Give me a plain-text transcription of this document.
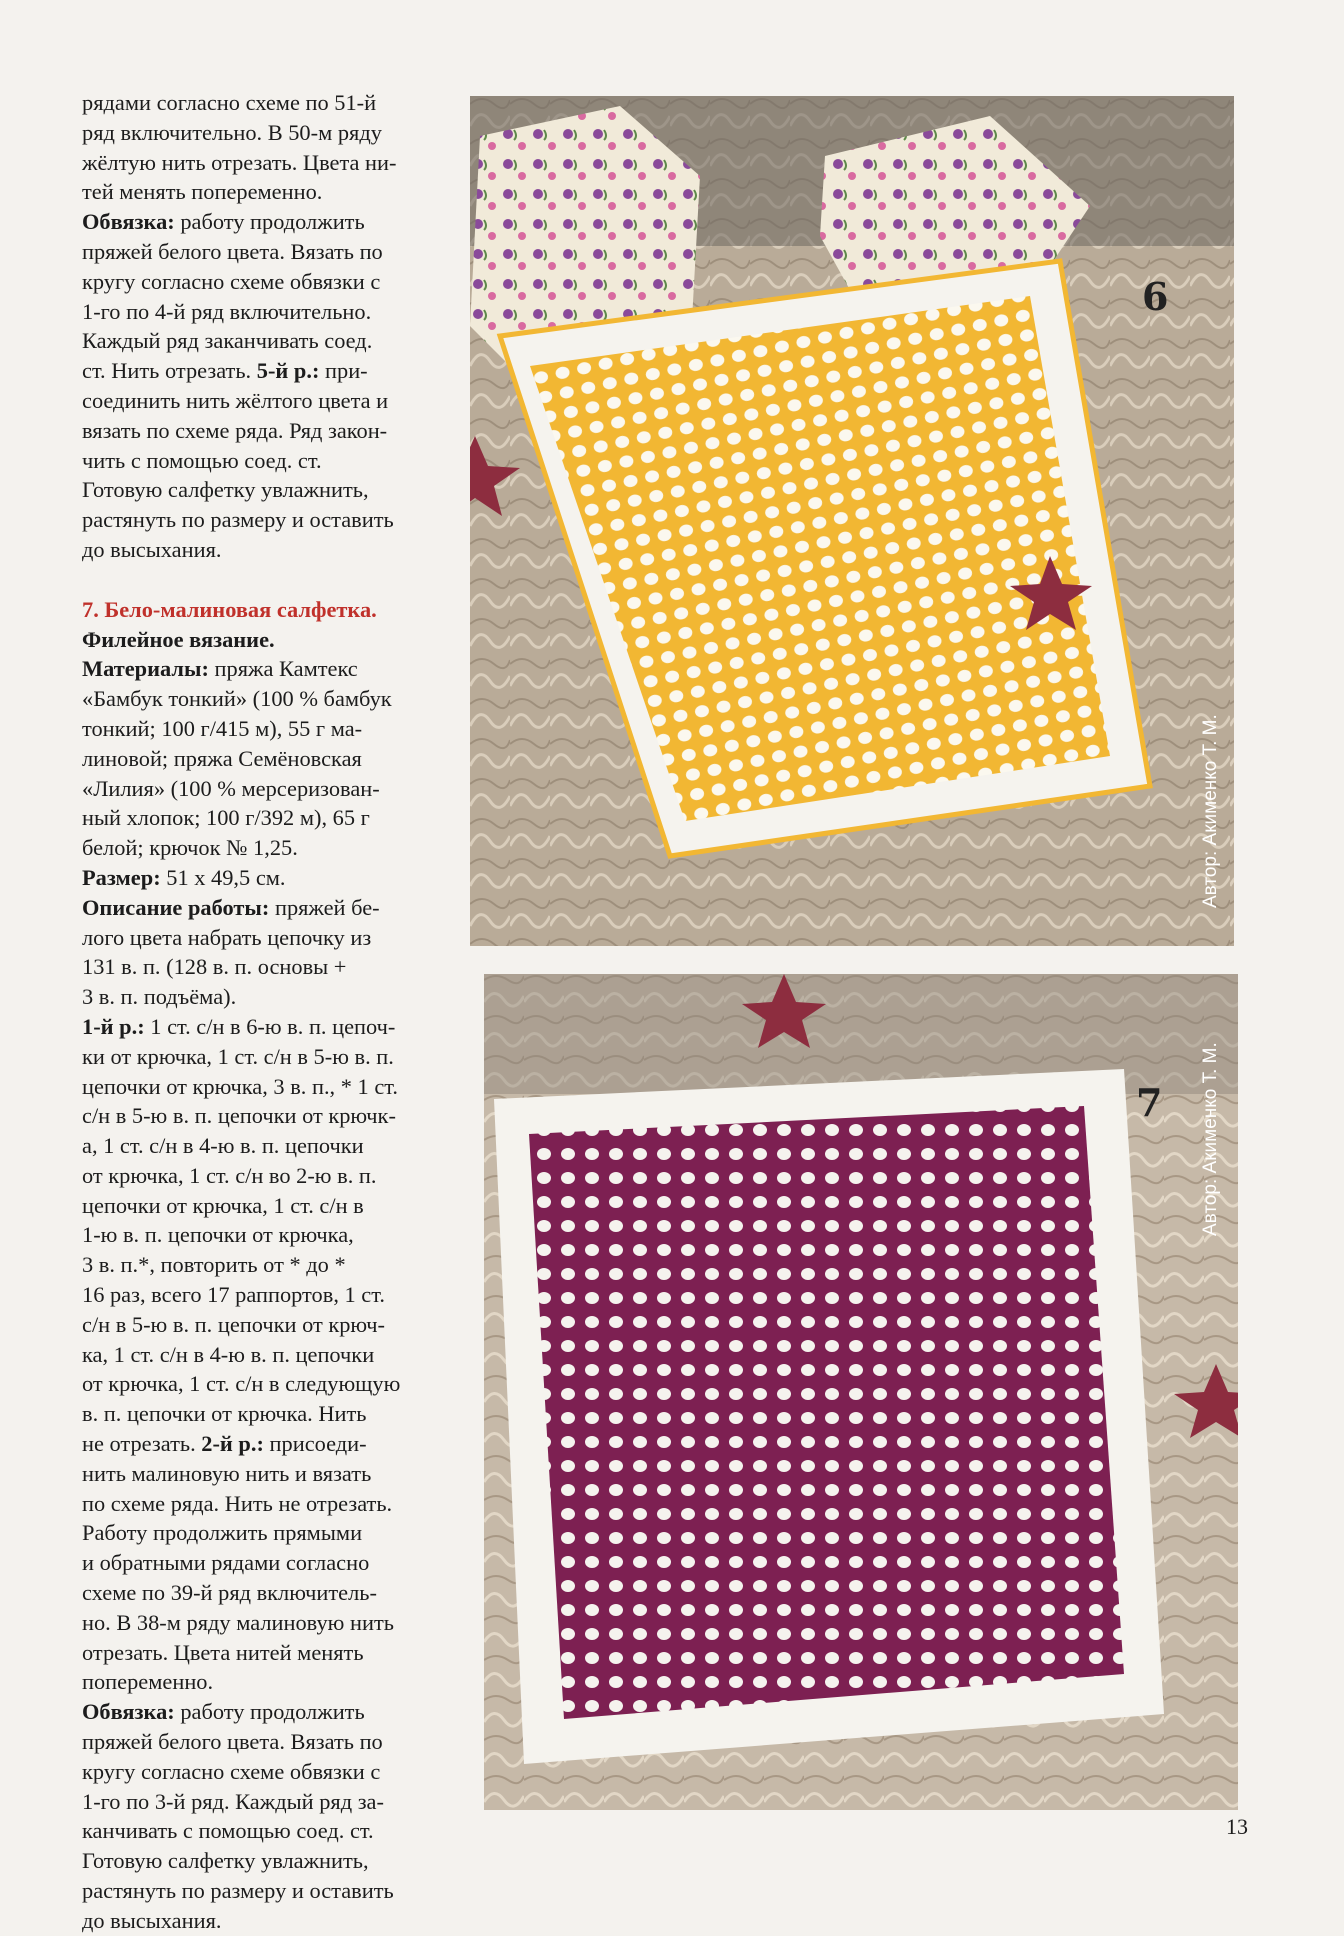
рядами согласно схеме по 51-й

ряд включительно. В 50-м ряду

жёлтую нить отрезать. Цвета ни-

тей менять попеременно.

Обвязка: работу продолжить

пряжей белого цвета. Вязать по

кругу согласно схеме обвязки с

1-го по 4-й ряд включительно.

Каждый ряд заканчивать соед.

ст. Нить отрезать. 5-й р.: при-

соединить нить жёлтого цвета и

вязать по схеме ряда. Ряд закон-

чить с помощью соед. ст.

Готовую салфетку увлажнить,

растянуть по размеру и оставить

до высыхания.

7. Бело-малиновая салфетка.

Филейное вязание.

Материалы: пряжа Камтекс

«Бамбук тонкий» (100 % бамбук

тонкий; 100 г/415 м), 55 г ма-

линовой; пряжа Семёновская

«Лилия» (100 % мерсеризован-

ный хлопок; 100 г/392 м), 65 г

белой; крючок № 1,25.

Размер: 51 х 49,5 см.

Описание работы: пряжей бе-

лого цвета набрать цепочку из

131 в. п. (128 в. п. основы +

3 в. п. подъёма).

1-й р.: 1 ст. с/н в 6-ю в. п. цепоч-

ки от крючка, 1 ст. с/н в 5-ю в. п.

цепочки от крючка, 3 в. п., * 1 ст.

с/н в 5-ю в. п. цепочки от крючк-

а, 1 ст. с/н в 4-ю в. п. цепочки

от крючка, 1 ст. с/н во 2-ю в. п.

цепочки от крючка, 1 ст. с/н в

1-ю в. п. цепочки от крючка,

3 в. п.*, повторить от * до *

16 раз, всего 17 раппортов, 1 ст.

с/н в 5-ю в. п. цепочки от крюч-

ка, 1 ст. с/н в 4-ю в. п. цепочки

от крючка, 1 ст. с/н в следующую

в. п. цепочки от крючка. Нить

не отрезать. 2-й р.: присоеди-

нить малиновую нить и вязать

по схеме ряда. Нить не отрезать.

Работу продолжить прямыми

и обратными рядами согласно

схеме по 39-й ряд включитель-

но. В 38-м ряду малиновую нить

отрезать. Цвета нитей менять

попеременно.

Обвязка: работу продолжить

пряжей белого цвета. Вязать по

кругу согласно схеме обвязки с

1-го по 3-й ряд. Каждый ряд за-

канчивать с помощью соед. ст.

Готовую салфетку увлажнить,

растянуть по размеру и оставить

до высыхания.

6
Автор: Акименко Т. М.
7 Автор: Акименко Т. М.
13
